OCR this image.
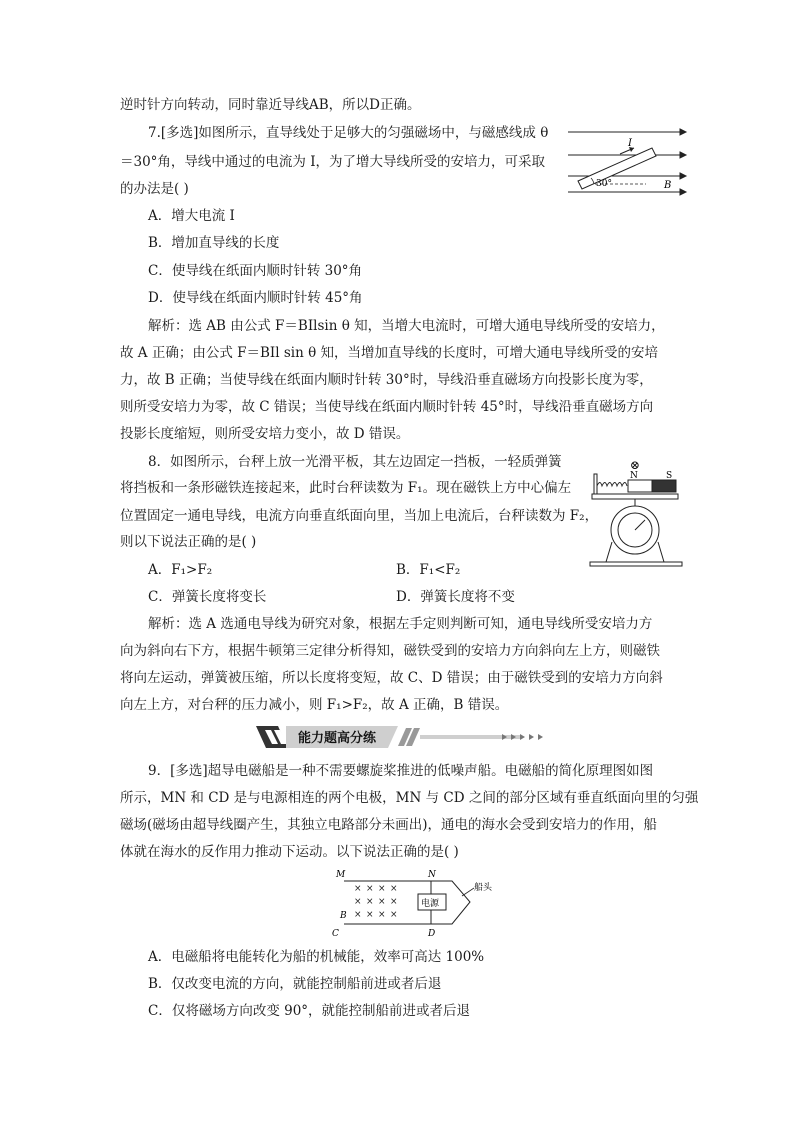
逆时针方向转动，同时靠近导线AB，所以D正确。
7.[多选]如图所示，直导线处于足够大的匀强磁场中，与磁感线成 θ
＝30°角，导线中通过的电流为 I，为了增大导线所受的安培力，可采取
的办法是( )
A．增大电流 I
B．增加直导线的长度
C．使导线在纸面内顺时针转 30°角
D．使导线在纸面内顺时针转 45°角
解析：选 AB 由公式 F＝BIlsin θ 知，当增大电流时，可增大通电导线所受的安培力，
故 A 正确；由公式 F＝BIl sin θ 知，当增加直导线的长度时，可增大通电导线所受的安培
力，故 B 正确；当使导线在纸面内顺时针转 30°时，导线沿垂直磁场方向投影长度为零，
则所受安培力为零，故 C 错误；当使导线在纸面内顺时针转 45°时，导线沿垂直磁场方向
投影长度缩短，则所受安培力变小，故 D 错误。
I
30°	B
8．如图所示，台秤上放一光滑平板，其左边固定一挡板，一轻质弹簧
将挡板和一条形磁铁连接起来，此时台秤读数为 F₁。现在磁铁上方中心偏左
位置固定一通电导线，电流方向垂直纸面向里，当加上电流后，台秤读数为 F₂，
则以下说法正确的是( )
A．F₁>F₂	B．F₁<F₂
C．弹簧长度将变长	D．弹簧长度将不变
解析：选 A 选通电导线为研究对象，根据左手定则判断可知，通电导线所受安培力方
向为斜向右下方，根据牛顿第三定律分析得知，磁铁受到的安培力方向斜向左上方，则磁铁
将向左运动，弹簧被压缩，所以长度将变短，故 C、D 错误；由于磁铁受到的安培力方向斜
向左上方，对台秤的压力减小，则 F₁>F₂，故 A 正确，B 错误。
⊗
N	S
能力题高分练
9．[多选]超导电磁船是一种不需要螺旋桨推进的低噪声船。电磁船的简化原理图如图
所示，MN 和 CD 是与电源相连的两个电极，MN 与 CD 之间的部分区域有垂直纸面向里的匀强
磁场(磁场由超导线圈产生，其独立电路部分未画出)，通电的海水会受到安培力的作用，船
体就在海水的反作用力推动下运动。以下说法正确的是( )
M	N
B
C	D
× × × ×
× × × ×
× × × ×
电源
船头
A．电磁船将电能转化为船的机械能，效率可高达 100%
B．仅改变电流的方向，就能控制船前进或者后退
C．仅将磁场方向改变 90°，就能控制船前进或者后退
